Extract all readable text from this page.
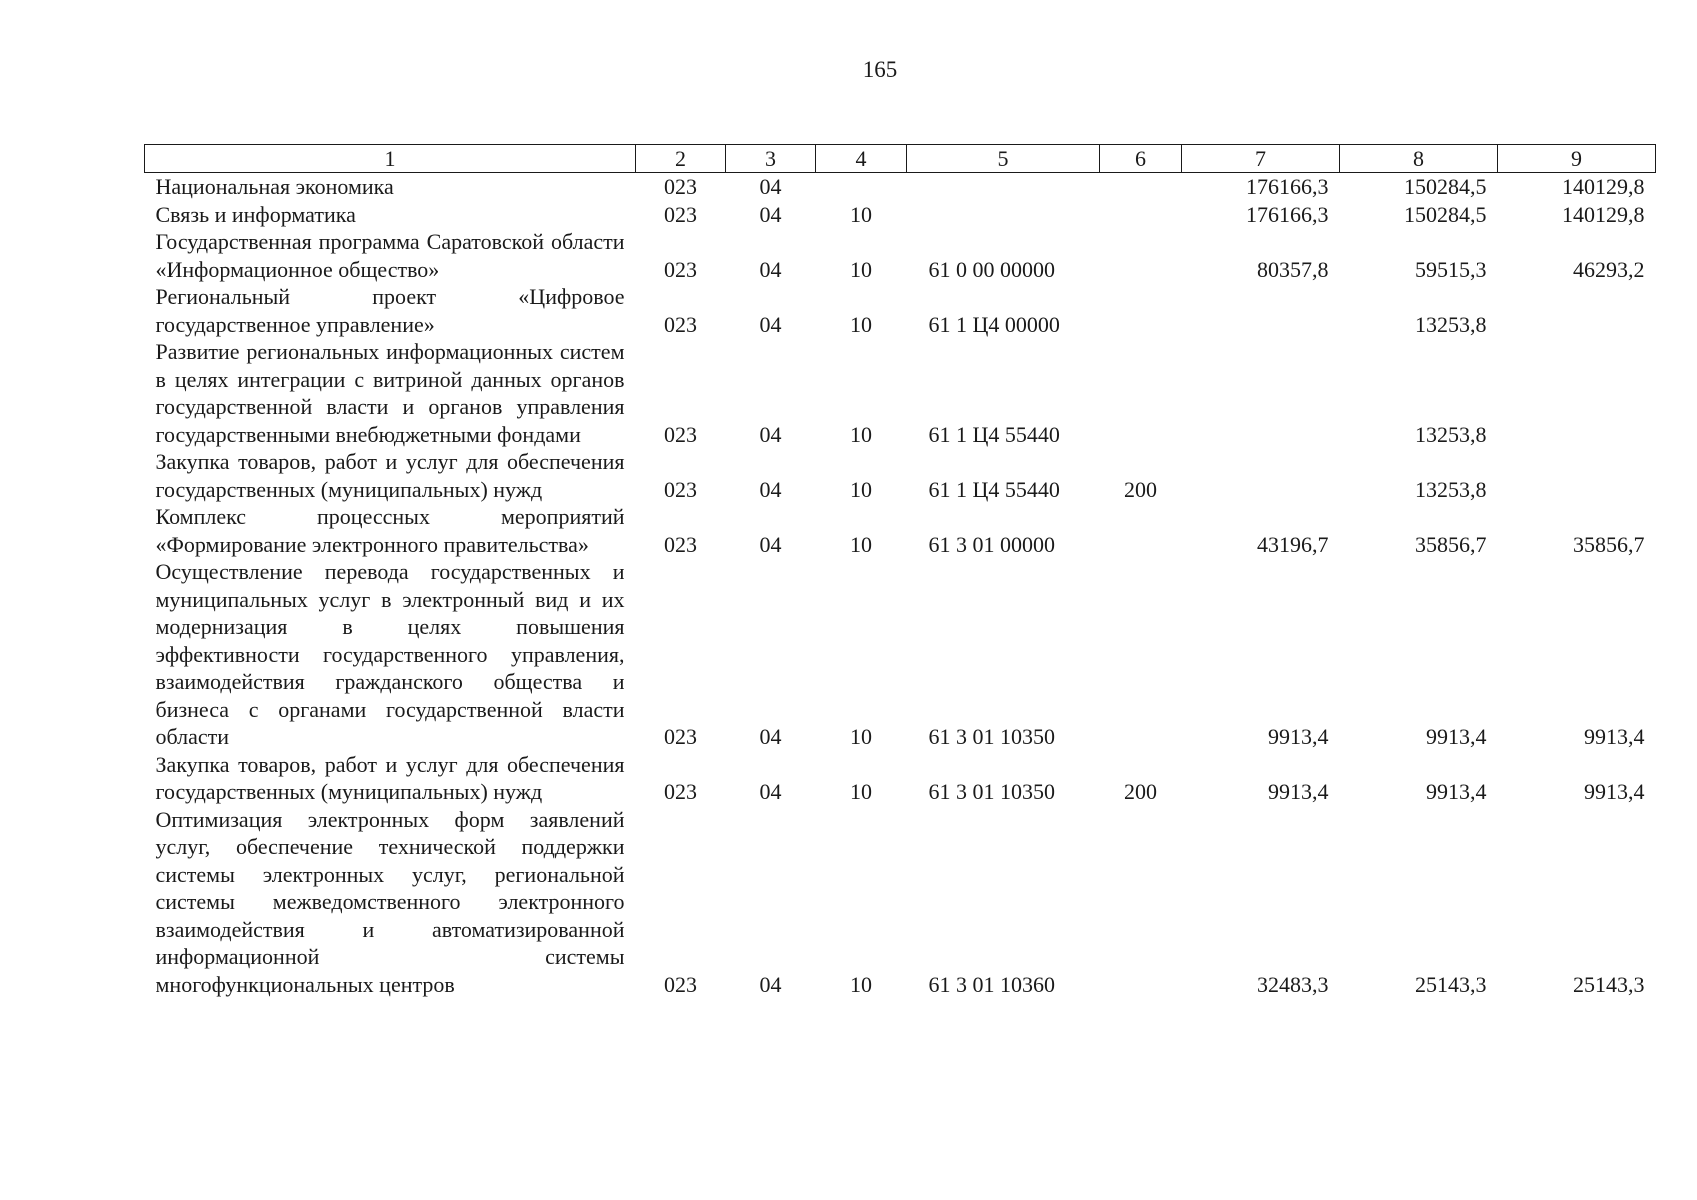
165
1	2	3	4	5	6	7	8	9
Национальная экономика	023	04				176166,3	150284,5	140129,8
Связь и информатика	023	04	10			176166,3	150284,5	140129,8
Государственная программа Саратовской области «Информационное общество»	023	04	10	61 0 00 00000		80357,8	59515,3	46293,2
Региональный проект «Цифровое государственное управление»	023	04	10	61 1 Ц4 00000			13253,8	
Развитие региональных информационных систем в целях интеграции с витриной данных органов государственной власти и органов управления государственными внебюджетными фондами	023	04	10	61 1 Ц4 55440			13253,8	
Закупка товаров, работ и услуг для обеспечения государственных (муниципальных) нужд	023	04	10	61 1 Ц4 55440	200		13253,8	
Комплекс процессных мероприятий «Формирование электронного правительства»	023	04	10	61 3 01 00000		43196,7	35856,7	35856,7
Осуществление перевода государственных и муниципальных услуг в электронный вид и их модернизация в целях повышения эффективности государственного управления, взаимодействия гражданского общества и бизнеса с органами государственной власти области	023	04	10	61 3 01 10350		9913,4	9913,4	9913,4
Закупка товаров, работ и услуг для обеспечения государственных (муниципальных) нужд	023	04	10	61 3 01 10350	200	9913,4	9913,4	9913,4
Оптимизация электронных форм заявлений услуг, обеспечение технической поддержки системы электронных услуг, региональной системы межведомственного электронного взаимодействия и автоматизированной информационной системы многофункциональных центров	023	04	10	61 3 01 10360		32483,3	25143,3	25143,3
